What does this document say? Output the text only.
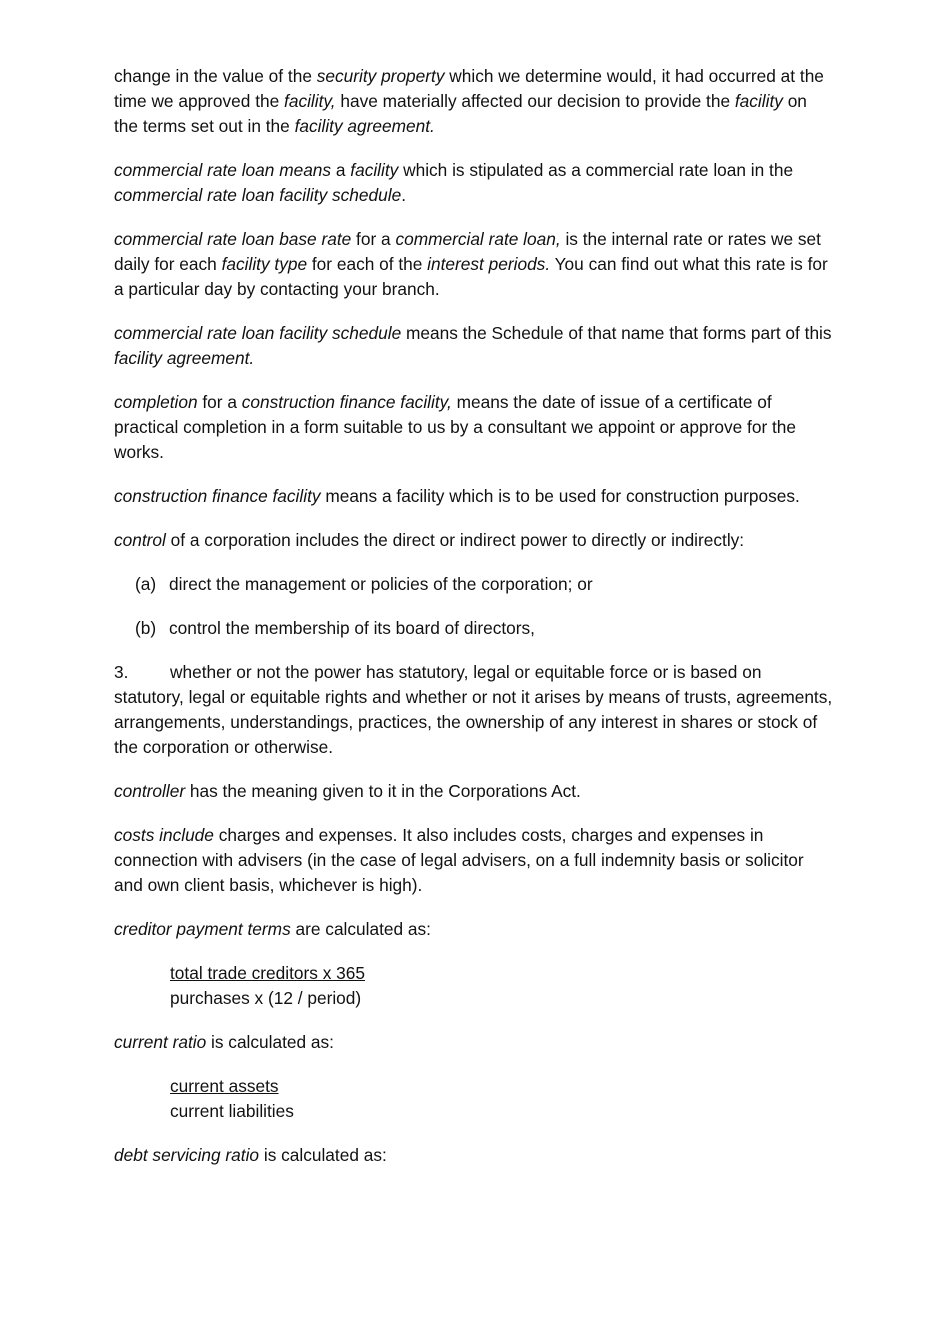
change in the value of the security property which we determine would, it had occurred at the time we approved the facility, have materially affected our decision to provide the facility on the terms set out in the facility agreement.

commercial rate loan means a facility which is stipulated as a commercial rate loan in the commercial rate loan facility schedule.

commercial rate loan base rate for a commercial rate loan, is the internal rate or rates we set daily for each facility type for each of the interest periods. You can find out what this rate is for a particular day by contacting your branch.

commercial rate loan facility schedule means the Schedule of that name that forms part of this facility agreement.

completion for a construction finance facility, means the date of issue of a certificate of practical completion in a form suitable to us by a consultant we appoint or approve for the works.

construction finance facility means a facility which is to be used for construction purposes.

control of a corporation includes the direct or indirect power to directly or indirectly:

(a) direct the management or policies of the corporation; or
(b) control the membership of its board of directors,

3. whether or not the power has statutory, legal or equitable force or is based on statutory, legal or equitable rights and whether or not it arises by means of trusts, agreements, arrangements, understandings, practices, the ownership of any interest in shares or stock of the corporation or otherwise.

controller has the meaning given to it in the Corporations Act.

costs include charges and expenses. It also includes costs, charges and expenses in connection with advisers (in the case of legal advisers, on a full indemnity basis or solicitor and own client basis, whichever is high).

creditor payment terms are calculated as:

total trade creditors x 365
purchases x (12 / period)

current ratio is calculated as:

current assets
current liabilities

debt servicing ratio is calculated as:
